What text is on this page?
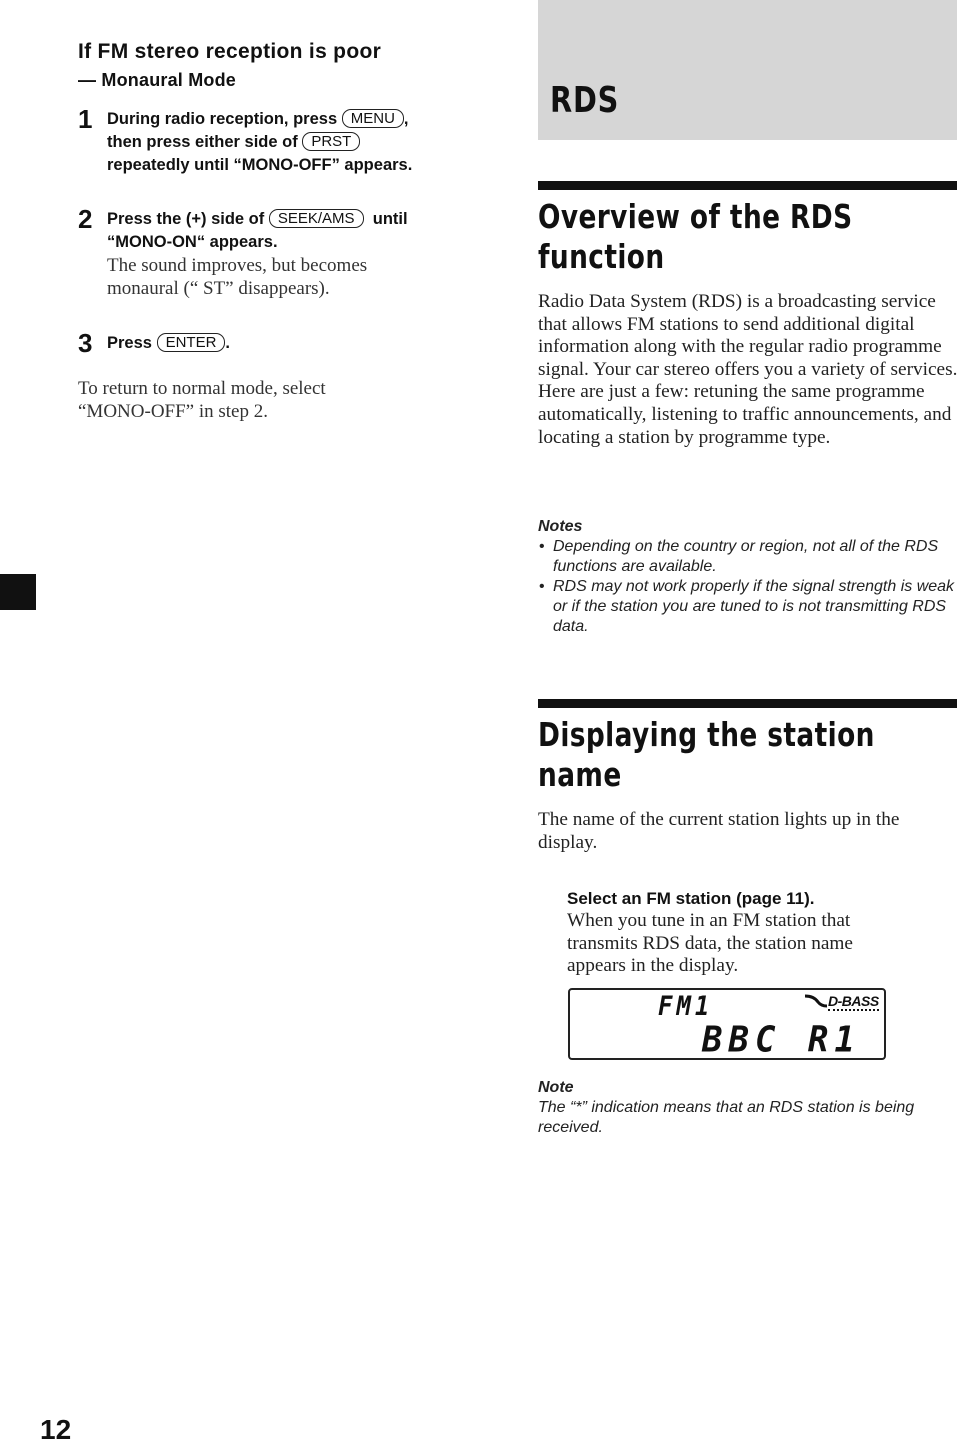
If FM stereo reception is poor
— Monaural Mode
1 During radio reception, press MENU ,
then press either side of PRST
repeatedly until “MONO-OFF” appears.
2 Press the (+) side of SEEK/AMS until
“MONO-ON“ appears.
The sound improves, but becomes monaural (“ ST” disappears).
3 Press ENTER .
To return to normal mode, select “MONO-OFF” in step 2.
12
RDS
Overview of the RDS
function
Radio Data System (RDS) is a broadcasting service that allows FM stations to send additional digital information along with the regular radio programme signal. Your car stereo offers you a variety of services. Here are just a few: retuning the same programme automatically, listening to traffic announcements, and locating a station by programme type.
Notes
• Depending on the country or region, not all of the RDS functions are available.
• RDS may not work properly if the signal strength is weak or if the station you are tuned to is not transmitting RDS data.
Displaying the station
name
The name of the current station lights up in the display.
Select an FM station (page 11).
When you tune in an FM station that transmits RDS data, the station name appears in the display.
FM1	D-BASS
BBC R1
Note
The “*” indication means that an RDS station is being received.
